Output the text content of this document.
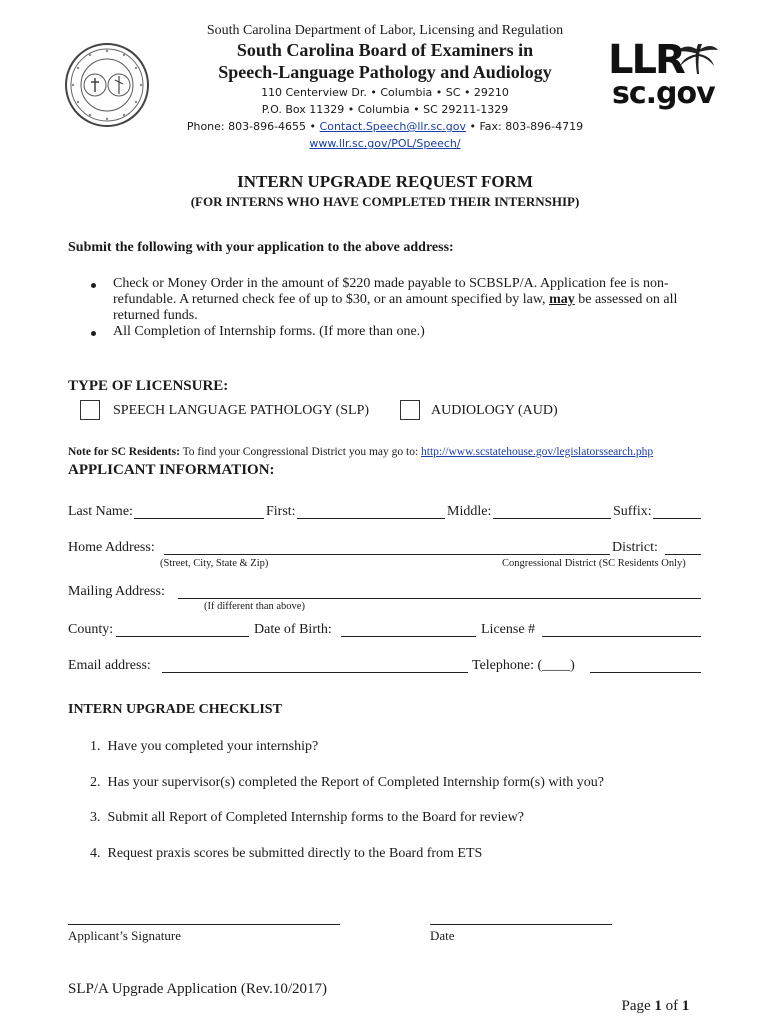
LLR
sc.gov
South Carolina Department of Labor, Licensing and Regulation
South Carolina Board of Examiners in
Speech-Language Pathology and Audiology
110 Centerview Dr. • Columbia • SC • 29210
P.O. Box 11329 • Columbia • SC 29211-1329
Phone: 803-896-4655 • Contact.Speech@llr.sc.gov • Fax: 803-896-4719
www.llr.sc.gov/POL/Speech/
INTERN UPGRADE REQUEST FORM
(FOR INTERNS WHO HAVE COMPLETED THEIR INTERNSHIP)
Submit the following with your application to the above address:
Check or Money Order in the amount of $220 made payable to SCBSLP/A. Application fee is non-
refundable. A returned check fee of up to $30, or an amount specified by law, may be assessed on all
returned funds.
All Completion of Internship forms. (If more than one.)
TYPE OF LICENSURE:
SPEECH LANGUAGE PATHOLOGY (SLP)	AUDIOLOGY (AUD)
Note for SC Residents: To find your Congressional District you may go to: http://www.scstatehouse.gov/legislatorssearch.php
APPLICANT INFORMATION:
Last Name:	First:	Middle:	Suffix:
Home Address:	District:
(Street, City, State & Zip)	Congressional District (SC Residents Only)
Mailing Address:
(If different than above)
County:	Date of Birth:	License #
Email address:	Telephone: (____)
INTERN UPGRADE CHECKLIST
1.  Have you completed your internship?
2.  Has your supervisor(s) completed the Report of Completed Internship form(s) with you?
3.  Submit all Report of Completed Internship forms to the Board for review?
4.  Request praxis scores be submitted directly to the Board from ETS
Applicant’s Signature	Date
SLP/A Upgrade Application (Rev.10/2017)

Page 1 of 1
